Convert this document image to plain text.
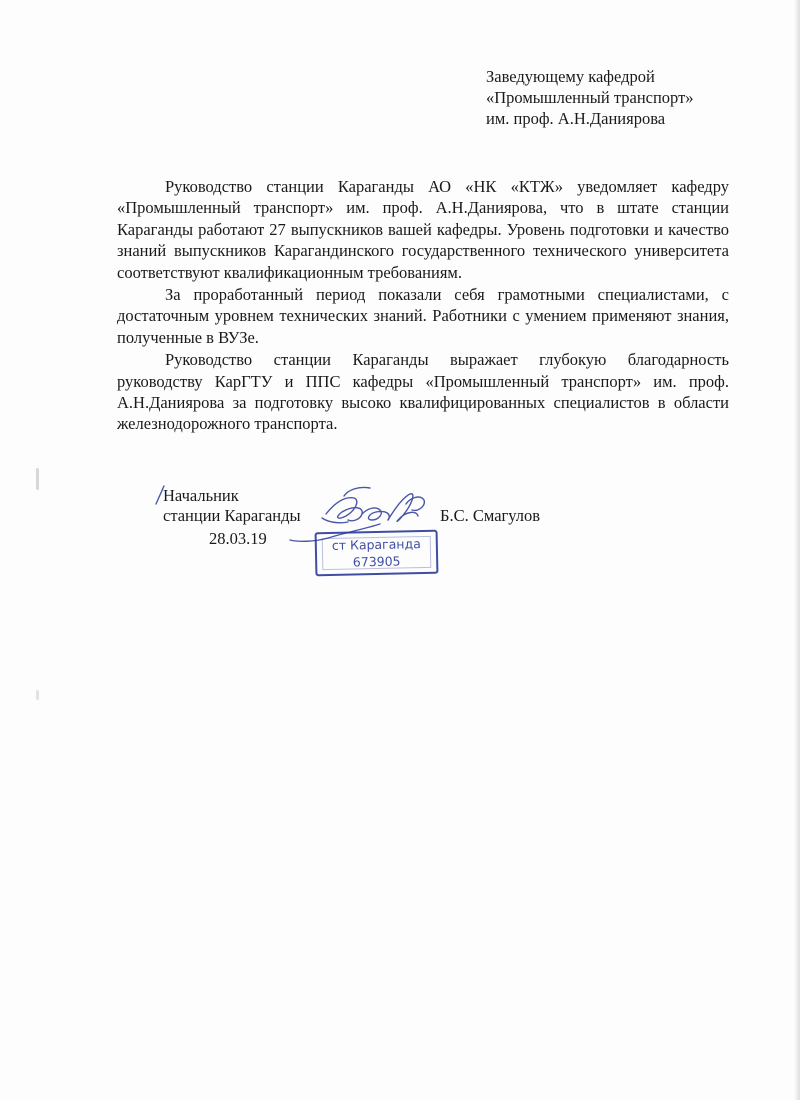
Заведующему кафедрой
«Промышленный транспорт»
им. проф. А.Н.Даниярова

Руководство станции Караганды АО «НК «КТЖ» уведомляет кафедру «Промышленный транспорт» им. проф. А.Н.Даниярова, что в штате станции Караганды работают 27 выпускников вашей кафедры. Уровень подготовки и качество знаний выпускников Карагандинского государственного технического университета соответствуют квалификационным требованиям.

За проработанный период показали себя грамотными специалистами, с достаточным уровнем технических знаний. Работники с умением применяют знания, полученные в ВУЗе.

Руководство станции Караганды выражает глубокую благодарность руководству КарГТУ и ППС кафедры «Промышленный транспорт» им. проф. А.Н.Даниярова за подготовку высоко квалифицированных специалистов в области железнодорожного транспорта.

Начальник
станции Караганды
28.03.19
Б.С. Смагулов
ст Караганда
673905
